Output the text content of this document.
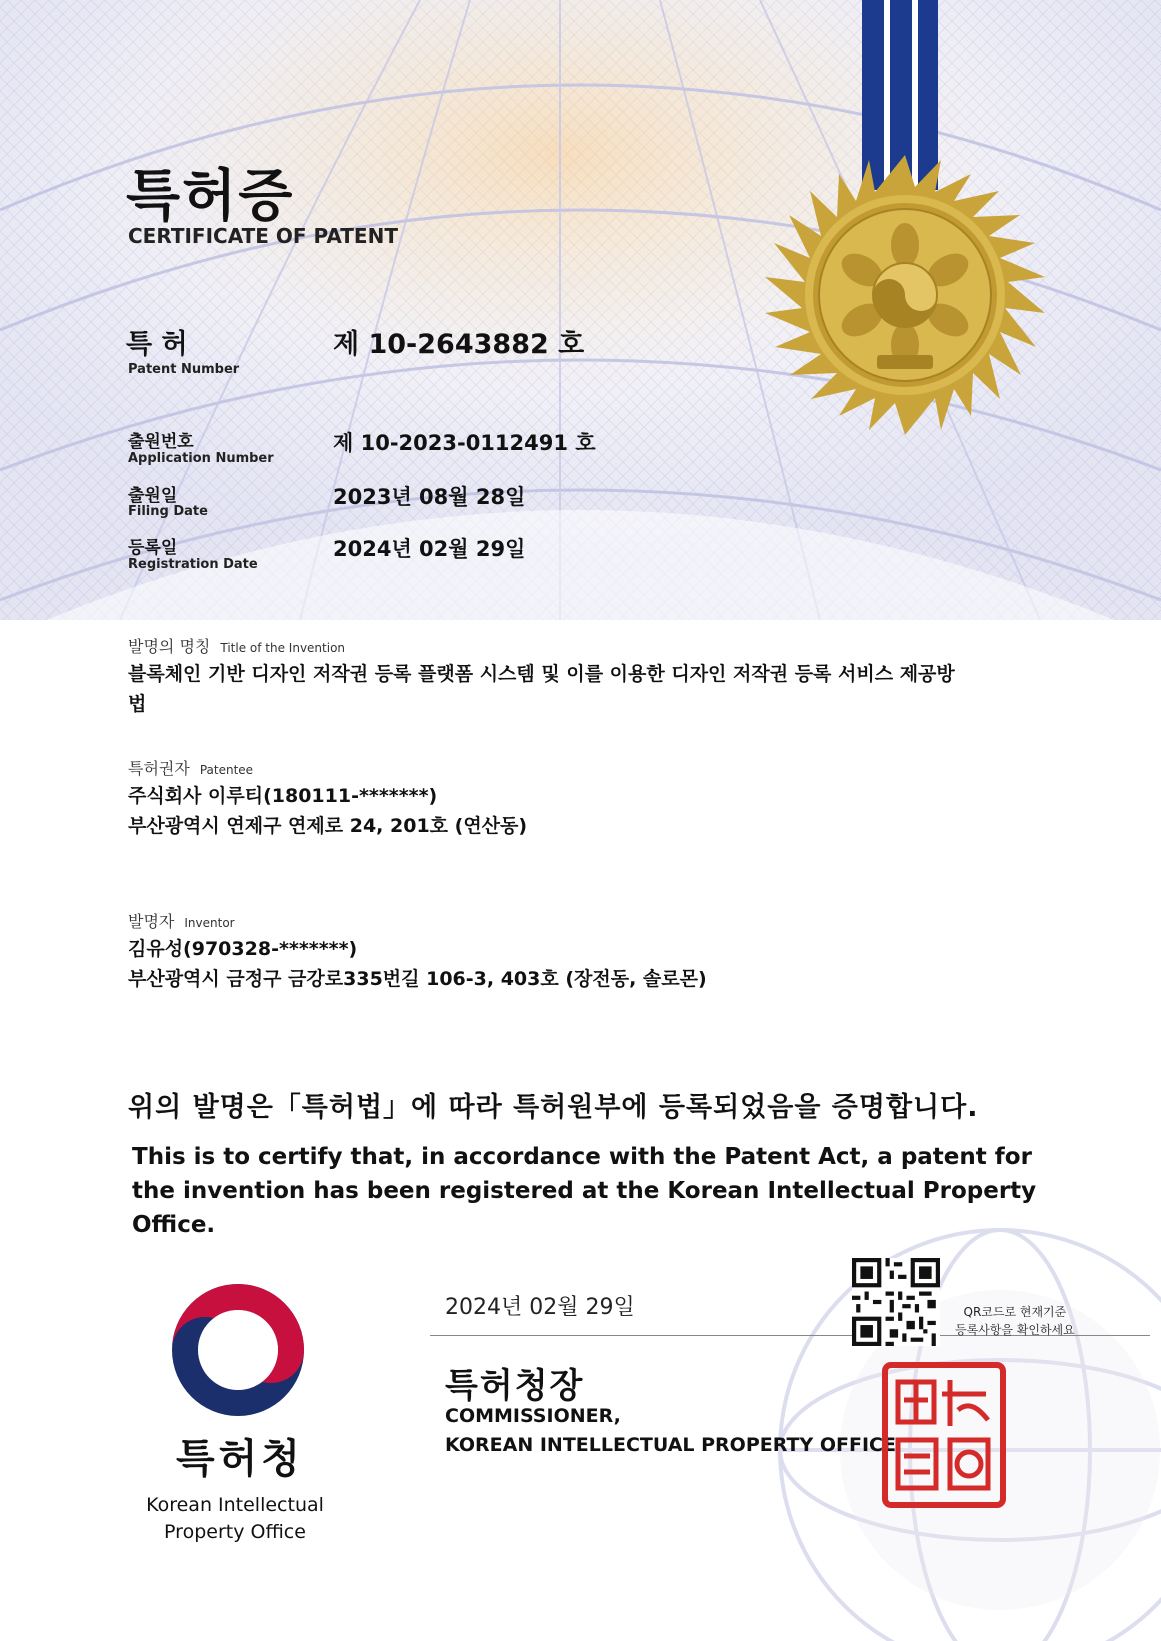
특허증
CERTIFICATE OF PATENT
특 허
Patent Number
제 10-2643882 호
출원번호
Application Number
제 10-2023-0112491 호
출원일
Filing Date
2023년 08월 28일
등록일
Registration Date
2024년 02월 29일
발명의 명칭 Title of the Invention
블록체인 기반 디자인 저작권 등록 플랫폼 시스템 및 이를 이용한 디자인 저작권 등록 서비스 제공방
법
특허권자 Patentee
주식회사 이루티(180111-*******)
부산광역시 연제구 연제로 24, 201호 (연산동)
발명자 Inventor
김유성(970328-*******)
부산광역시 금정구 금강로335번길 106-3, 403호 (장전동, 솔로몬)
위의 발명은「특허법」에 따라 특허원부에 등록되었음을 증명합니다.
This is to certify that, in accordance with the Patent Act, a patent for the invention has been registered at the Korean Intellectual Property Office.
2024년 02월 29일
특허청장
COMMISSIONER,
KOREAN INTELLECTUAL PROPERTY OFFICE
QR코드로 현재기준
등록사항을 확인하세요
특허청
Korean Intellectual
Property Office
